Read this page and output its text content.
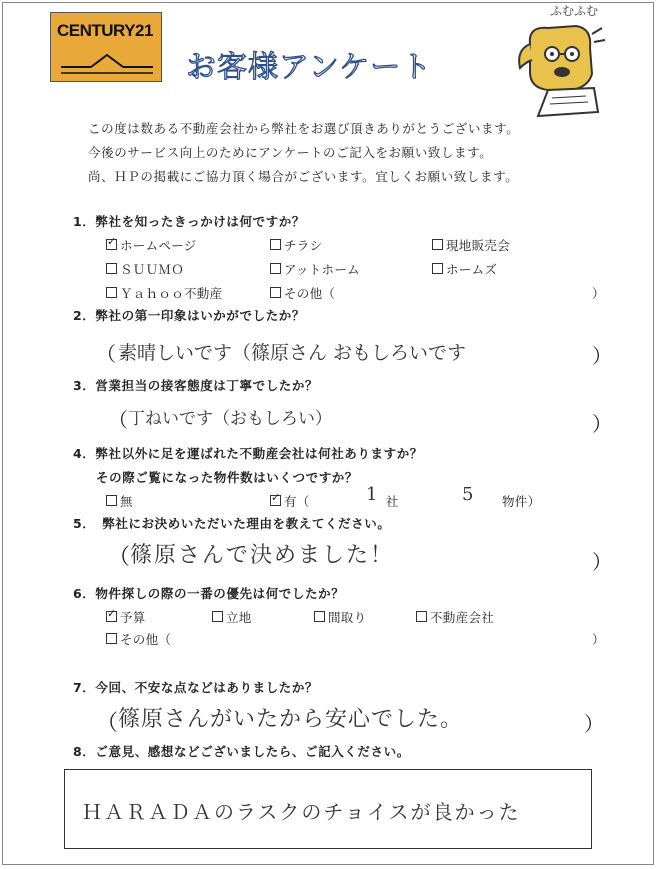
CENTURY21
お客様アンケート
ふむふむ
この度は数ある不動産会社から弊社をお選び頂きありがとうございます。
今後のサービス向上のためにアンケートのご記入をお願い致します。
尚、ＨＰの掲載にご協力頂く場合がございます。宜しくお願い致します。
1．弊社を知ったきっかけは何ですか？
✓ホームページ	チラシ	現地販売会
ＳＵＵＭＯ	アットホーム	ホームズ
Ｙａｈｏｏ不動産	その他（	）
2．弊社の第一印象はいかがでしたか？
（ 素晴しいです（篠原さん おもしろいです	）
3．営業担当の接客態度は丁寧でしたか？
（ 丁ねいです（おもしろい）	）
4．弊社以外に足を運ばれた不動産会社は何社ありますか？
その際ご覧になった物件数はいくつですか？
無
✓	有（	1 社	5 物件）
5．　弊社にお決めいただいた理由を教えてください。
（ 篠原さんで決めました！	）
6．物件探しの際の一番の優先は何でしたか？
✓予算	立地	間取り	不動産会社
その他（	）
7．今回、不安な点などはありましたか？
（ 篠原さんがいたから安心でした。	）
8．ご意見、感想などございましたら、ご記入ください。
ＨＡＲＡＤＡのラスクのチョイスが良かった
